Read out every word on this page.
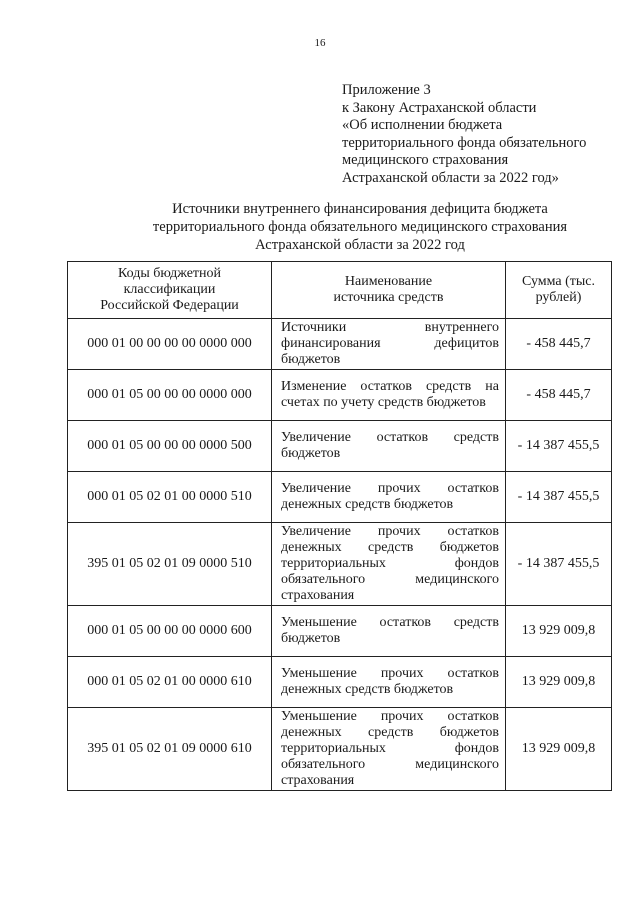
16
Приложение 3
к Закону Астраханской области
«Об исполнении бюджета
территориального фонда обязательного
медицинского страхования
Астраханской области за 2022 год»
Источники внутреннего финансирования дефицита бюджета
территориального фонда обязательного медицинского страхования
Астраханской области за 2022 год
Коды бюджетной классификации Российской Федерации	Наименование источника средств	Сумма (тыс. рублей)
000 01 00 00 00 00 0000 000	Источники внутреннего финансирования дефицитов бюджетов	- 458 445,7
000 01 05 00 00 00 0000 000	Изменение остатков средств на счетах по учету средств бюджетов	- 458 445,7
000 01 05 00 00 00 0000 500	Увеличение остатков средств бюджетов	- 14 387 455,5
000 01 05 02 01 00 0000 510	Увеличение прочих остатков денежных средств бюджетов	- 14 387 455,5
395 01 05 02 01 09 0000 510	Увеличение прочих остатков денежных средств бюджетов территориальных фондов обязательного медицинского страхования	- 14 387 455,5
000 01 05 00 00 00 0000 600	Уменьшение остатков средств бюджетов	13 929 009,8
000 01 05 02 01 00 0000 610	Уменьшение прочих остатков денежных средств бюджетов	13 929 009,8
395 01 05 02 01 09 0000 610	Уменьшение прочих остатков денежных средств бюджетов территориальных фондов обязательного медицинского страхования	13 929 009,8
